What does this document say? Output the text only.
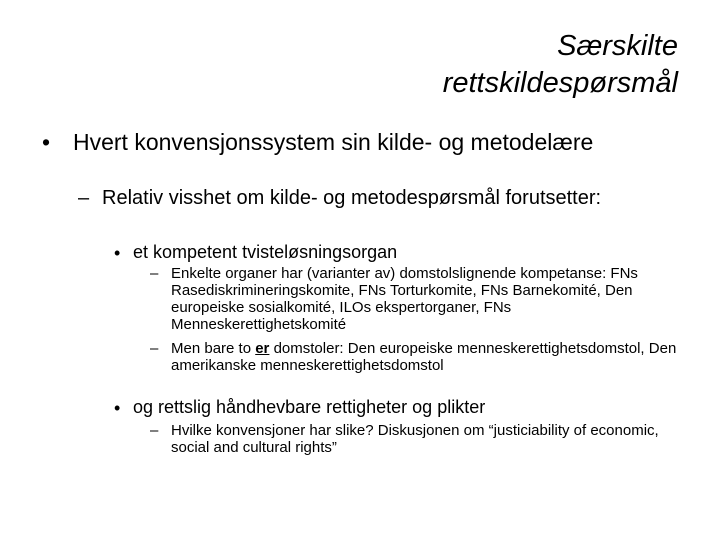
Særskilte
rettskildespørsmål
• Hvert konvensjonssystem sin kilde- og metodelære
– Relativ visshet om kilde- og metodespørsmål forutsetter:
• et kompetent tvisteløsningsorgan
– Enkelte organer har (varianter av) domstolslignende kompetanse: FNs Rasediskrimineringskomite, FNs Torturkomite, FNs Barnekomité, Den europeiske sosialkomité, ILOs ekspertorganer, FNs Menneskerettighetskomité
– Men bare to er domstoler: Den europeiske menneskerettighetsdomstol, Den amerikanske menneskerettighetsdomstol
• og rettslig håndhevbare rettigheter og plikter
– Hvilke konvensjoner har slike? Diskusjonen om “justiciability of economic, social and cultural rights”
